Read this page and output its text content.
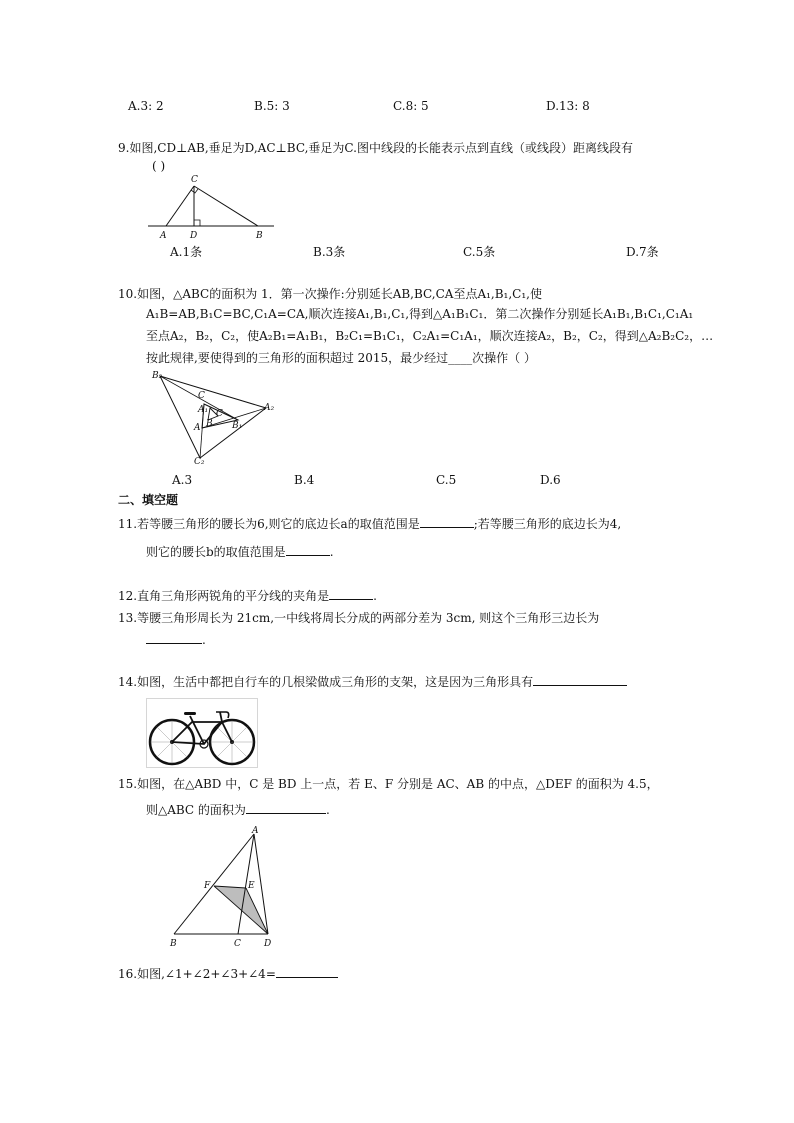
A.3: 2	B.5: 3	C.8: 5	D.13: 8
9.如图,CD⊥AB,垂足为D,AC⊥BC,垂足为C.图中线段的长能表示点到直线（或线段）距离线段有
( )
C
A	D	B
A.1条	B.3条	C.5条	D.7条
10.如图，△ABC的面积为 1．第一次操作:分别延长AB,BC,CA至点A₁,B₁,C₁,使
A₁B=AB,B₁C=BC,C₁A=CA,顺次连接A₁,B₁,C₁,得到△A₁B₁C₁．第二次操作分别延长A₁B₁,B₁C₁,C₁A₁
至点A₂，B₂，C₂，使A₂B₁=A₁B₁，B₂C₁=B₁C₁，C₂A₁=C₁A₁，顺次连接A₂，B₂，C₂，得到△A₂B₂C₂，…
按此规律,要使得到的三角形的面积超过 2015，最少经过____次操作（ ）
B₂
C
A₁
B
C
A₂
B₁
A
C₂
A.3	B.4	C.5	D.6
二、填空题
11.若等腰三角形的腰长为6,则它的底边长a的取值范围是	;若等腰三角形的底边长为4,
则它的腰长b的取值范围是	.
12.直角三角形两锐角的平分线的夹角是	.
13.等腰三角形周长为 21cm,一中线将周长分成的两部分差为 3cm, 则这个三角形三边长为
.
14.如图，生活中都把自行车的几根梁做成三角形的支架，这是因为三角形具有
15.如图，在△ABD 中，C 是 BD 上一点，若 E、F 分别是 AC、AB 的中点，△DEF 的面积为 4.5，
则△ABC 的面积为	.
A
F	E
B	C	D
16.如图,∠1+∠2+∠3+∠4=
